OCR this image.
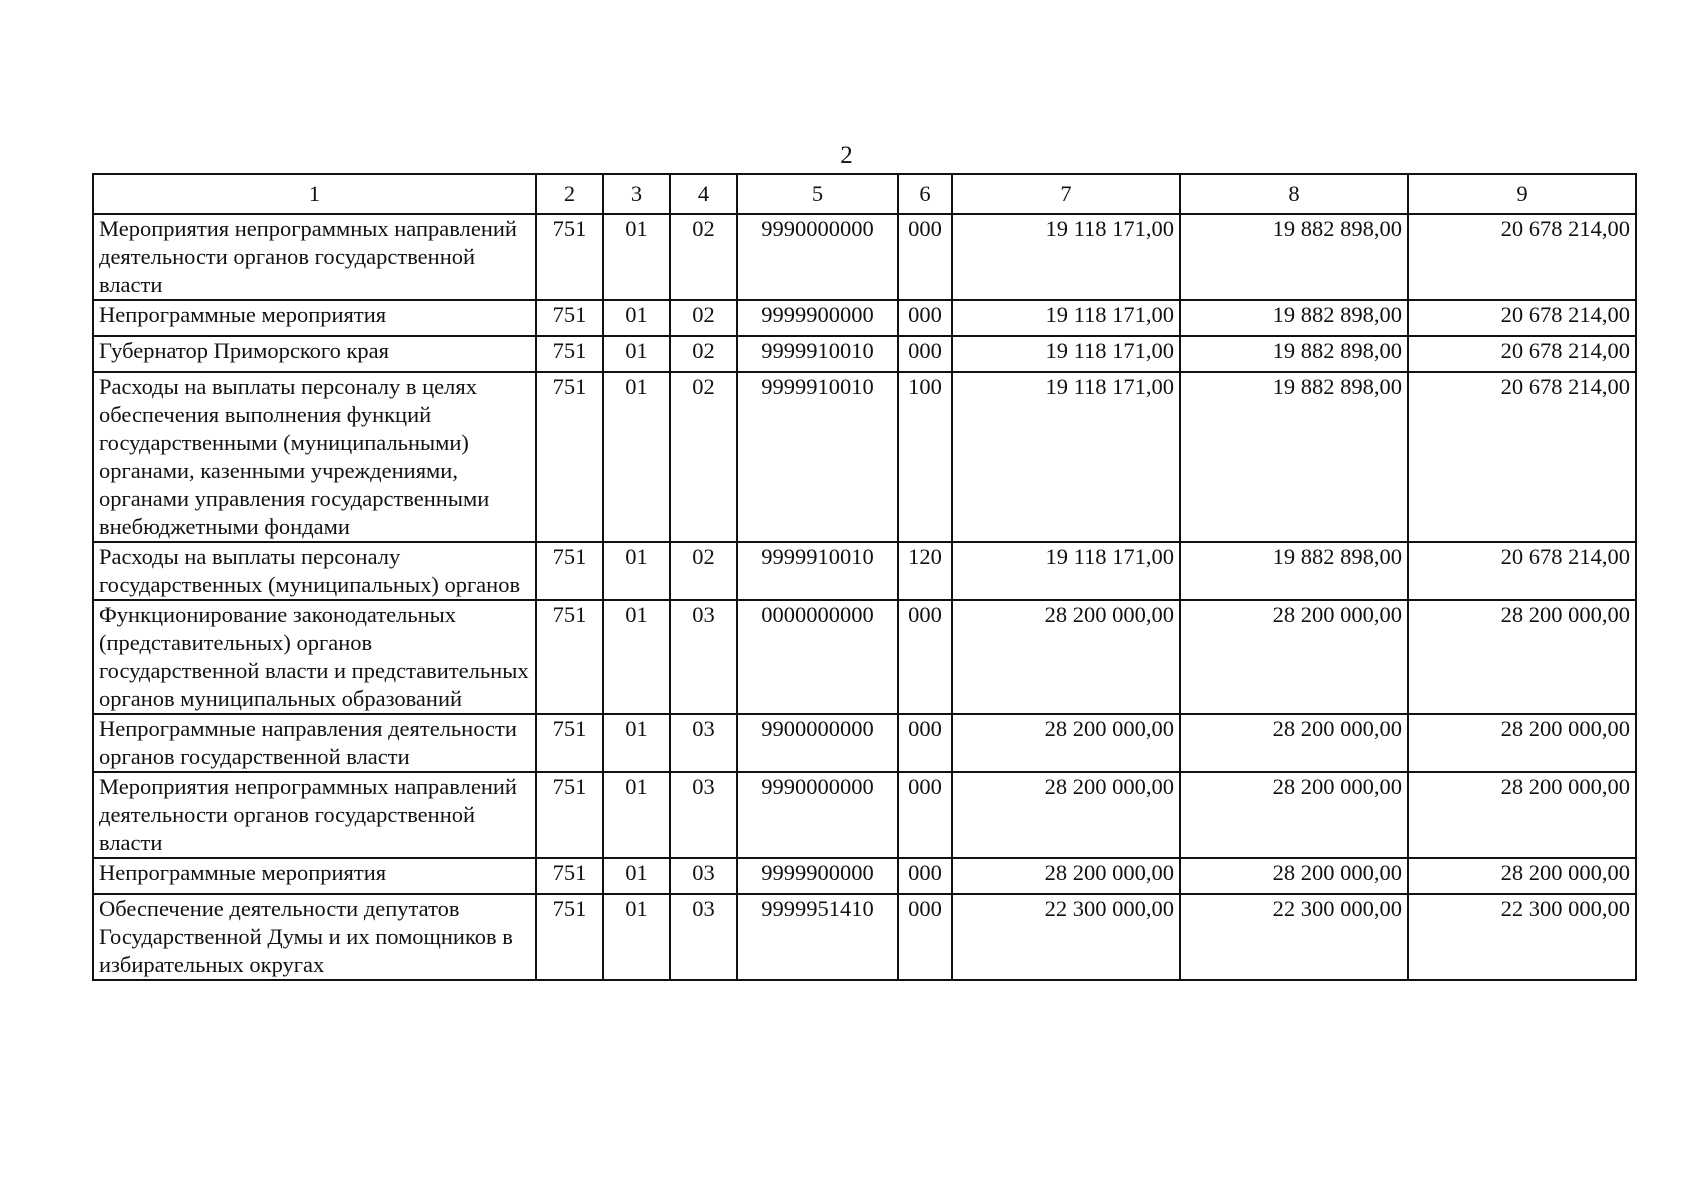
2
1	2	3	4	5	6	7	8	9
Мероприятия непрограммных направлений деятельности органов государственной власти	751	01	02	9990000000	000	19 118 171,00	19 882 898,00	20 678 214,00
Непрограммные мероприятия	751	01	02	9999900000	000	19 118 171,00	19 882 898,00	20 678 214,00
Губернатор Приморского края	751	01	02	9999910010	000	19 118 171,00	19 882 898,00	20 678 214,00
Расходы на выплаты персоналу в целях обеспечения выполнения функций государственными (муниципальными) органами, казенными учреждениями, органами управления государственными внебюджетными фондами	751	01	02	9999910010	100	19 118 171,00	19 882 898,00	20 678 214,00
Расходы на выплаты персоналу государственных (муниципальных) органов	751	01	02	9999910010	120	19 118 171,00	19 882 898,00	20 678 214,00
Функционирование законодательных (представительных) органов государственной власти и представительных органов муниципальных образований	751	01	03	0000000000	000	28 200 000,00	28 200 000,00	28 200 000,00
Непрограммные направления деятельности органов государственной власти	751	01	03	9900000000	000	28 200 000,00	28 200 000,00	28 200 000,00
Мероприятия непрограммных направлений деятельности органов государственной власти	751	01	03	9990000000	000	28 200 000,00	28 200 000,00	28 200 000,00
Непрограммные мероприятия	751	01	03	9999900000	000	28 200 000,00	28 200 000,00	28 200 000,00
Обеспечение деятельности депутатов Государственной Думы и их помощников в избирательных округах	751	01	03	9999951410	000	22 300 000,00	22 300 000,00	22 300 000,00
